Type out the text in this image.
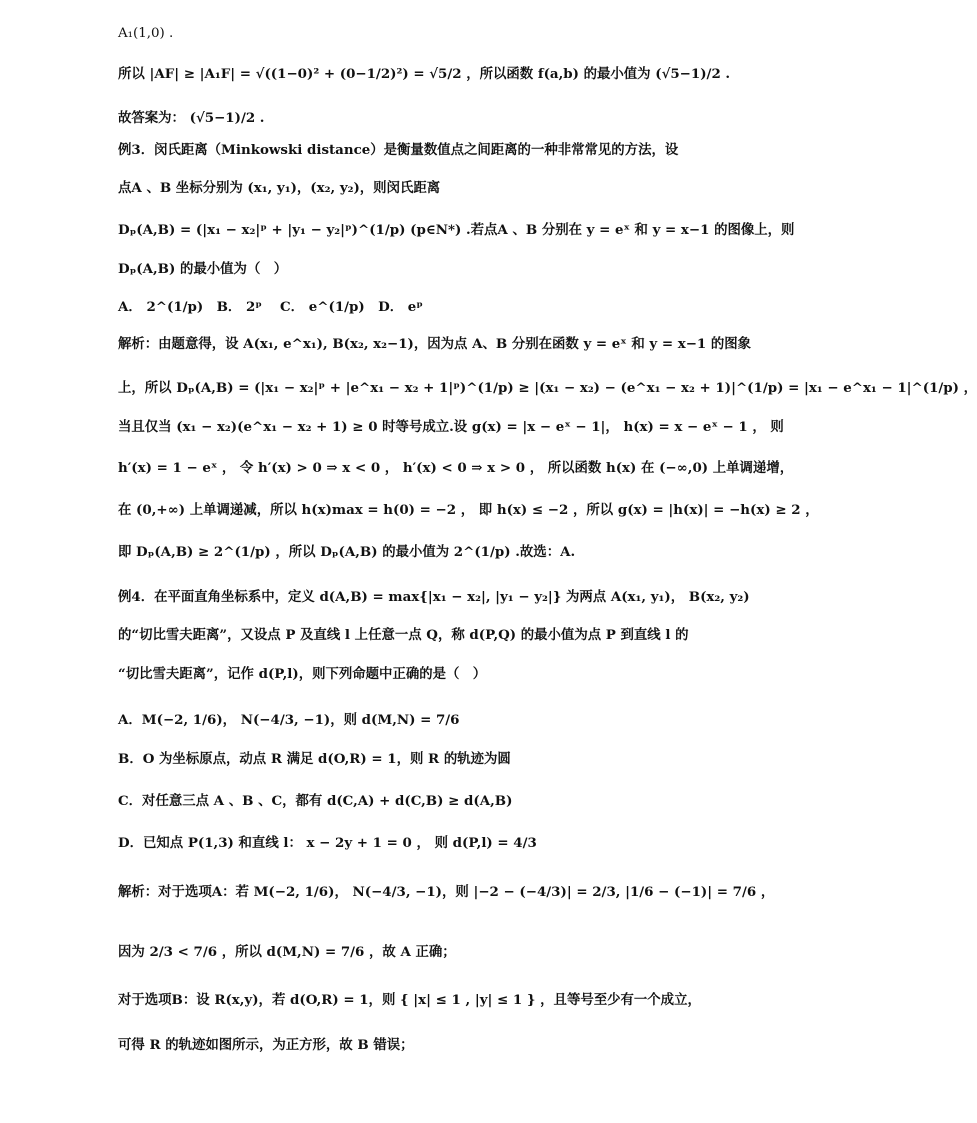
A₁(1,0) .
所以 |AF| ≥ |A₁F| = √((1−0)² + (0−1/2)²) = √5/2 ，所以函数 f(a,b) 的最小值为 (√5−1)/2 .
故答案为： (√5−1)/2 .
例3．闵氏距离（Minkowski distance）是衡量数值点之间距离的一种非常常见的方法，设
点A 、B 坐标分别为 (x₁, y₁)，(x₂, y₂)，则闵氏距离
Dₚ(A,B) = (|x₁ − x₂|ᵖ + |y₁ − y₂|ᵖ)^(1/p) (p∈N*) .若点A 、B 分别在 y = eˣ 和 y = x−1 的图像上，则
Dₚ(A,B) 的最小值为（　）
A． 2^(1/p)　B． 2ᵖ　 C． e^(1/p)　D． eᵖ
解析：由题意得，设 A(x₁, e^x₁), B(x₂, x₂−1)，因为点 A、B 分别在函数 y = eˣ 和 y = x−1 的图象
上，所以 Dₚ(A,B) = (|x₁ − x₂|ᵖ + |e^x₁ − x₂ + 1|ᵖ)^(1/p) ≥ |(x₁ − x₂) − (e^x₁ − x₂ + 1)|^(1/p) = |x₁ − e^x₁ − 1|^(1/p) ，
当且仅当 (x₁ − x₂)(e^x₁ − x₂ + 1) ≥ 0 时等号成立.设 g(x) = |x − eˣ − 1|， h(x) = x − eˣ − 1 ， 则
h′(x) = 1 − eˣ ， 令 h′(x) > 0 ⇒ x < 0 ， h′(x) < 0 ⇒ x > 0 ， 所以函数 h(x) 在 (−∞,0) 上单调递增，
在 (0,+∞) 上单调递减，所以 h(x)max = h(0) = −2 ， 即 h(x) ≤ −2 ，所以 g(x) = |h(x)| = −h(x) ≥ 2 ，
即 Dₚ(A,B) ≥ 2^(1/p) ，所以 Dₚ(A,B) 的最小值为 2^(1/p) .故选：A.
例4．在平面直角坐标系中，定义 d(A,B) = max{|x₁ − x₂|, |y₁ − y₂|} 为两点 A(x₁, y₁)， B(x₂, y₂)
的“切比雪夫距离”，又设点 P 及直线 l 上任意一点 Q，称 d(P,Q) 的最小值为点 P 到直线 l 的
“切比雪夫距离”，记作 d(P,l)，则下列命题中正确的是（　）
A．M(−2, 1/6)， N(−4/3, −1)，则 d(M,N) = 7/6
B．O 为坐标原点，动点 R 满足 d(O,R) = 1，则 R 的轨迹为圆
C．对任意三点 A 、B 、C，都有 d(C,A) + d(C,B) ≥ d(A,B)
D．已知点 P(1,3) 和直线 l： x − 2y + 1 = 0 ， 则 d(P,l) = 4/3
解析：对于选项A：若 M(−2, 1/6)， N(−4/3, −1)，则 |−2 − (−4/3)| = 2/3, |1/6 − (−1)| = 7/6 ，
因为 2/3 < 7/6 ，所以 d(M,N) = 7/6 ，故 A 正确；
对于选项B：设 R(x,y)，若 d(O,R) = 1，则 { |x| ≤ 1 , |y| ≤ 1 } ，且等号至少有一个成立，
可得 R 的轨迹如图所示，为正方形，故 B 错误；
